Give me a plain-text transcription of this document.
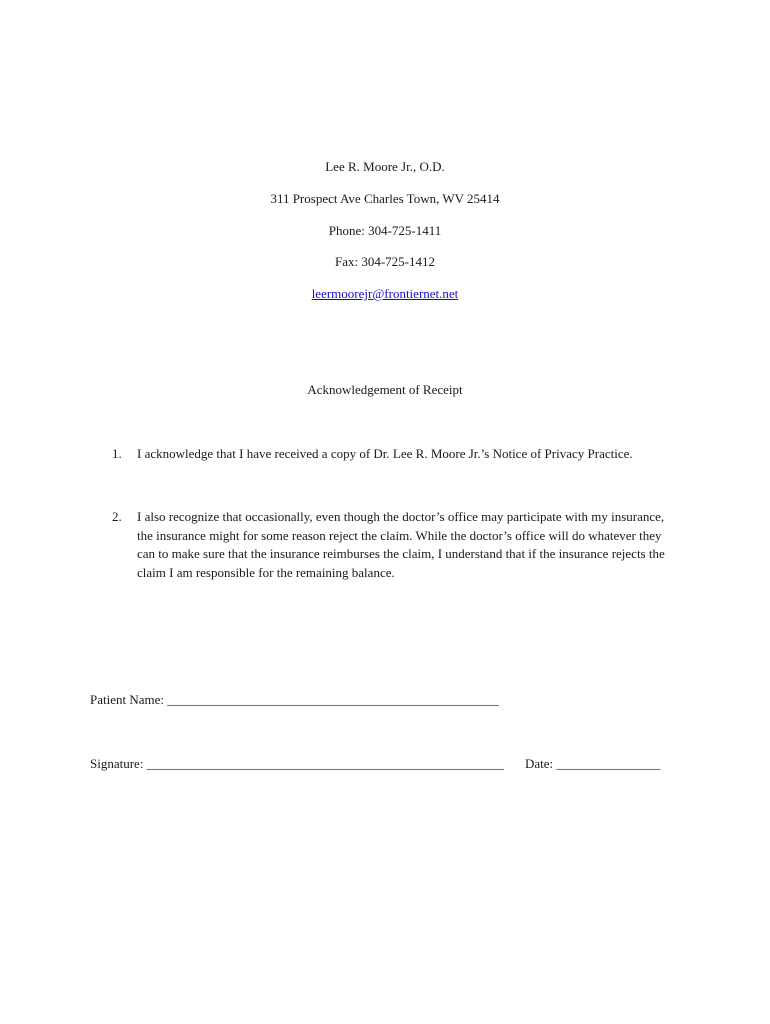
Lee R. Moore Jr., O.D.
311 Prospect Ave Charles Town, WV 25414
Phone: 304-725-1411
Fax: 304-725-1412
leermoorejr@frontiernet.net
Acknowledgement of Receipt
1.	I acknowledge that I have received a copy of Dr. Lee R. Moore Jr.’s Notice of Privacy Practice.
2.	I also recognize that occasionally, even though the doctor’s office may participate with my insurance, the insurance might for some reason reject the claim. While the doctor’s office will do whatever they can to make sure that the insurance reimburses the claim, I understand that if the insurance rejects the claim I am responsible for the remaining balance.
Patient Name: ___________________________________________________
Signature: _______________________________________________________ Date: ________________
